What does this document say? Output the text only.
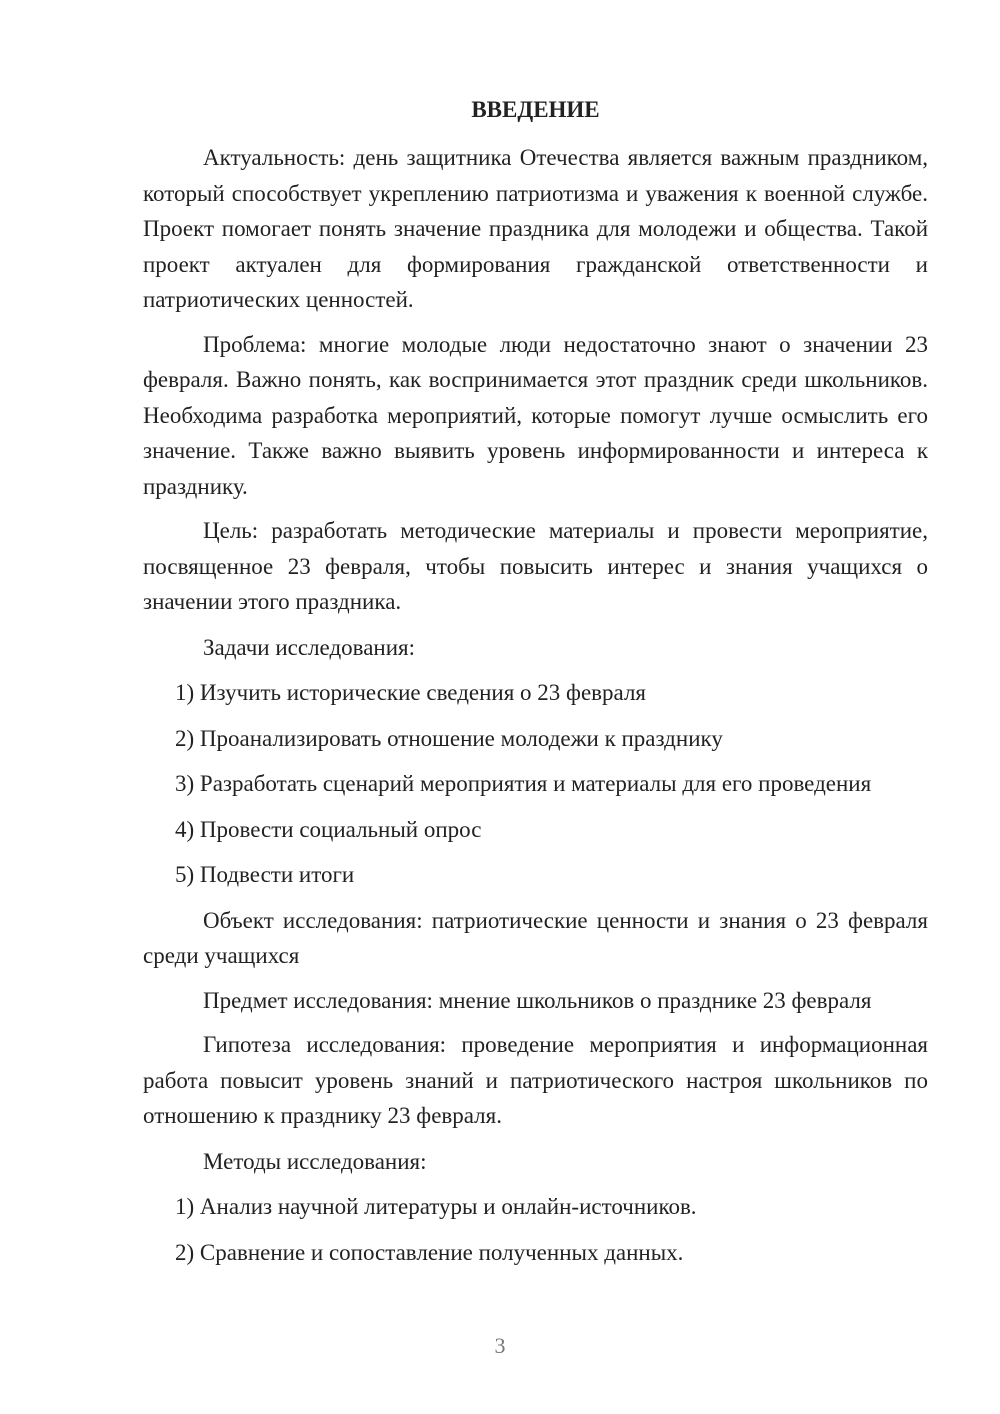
ВВЕДЕНИЕ

Актуальность: день защитника Отечества является важным праздником, который способствует укреплению патриотизма и уважения к военной службе. Проект помогает понять значение праздника для молодежи и общества. Такой проект актуален для формирования гражданской ответственности и патриотических ценностей.

Проблема: многие молодые люди недостаточно знают о значении 23 февраля. Важно понять, как воспринимается этот праздник среди школьников. Необходима разработка мероприятий, которые помогут лучше осмыслить его значение. Также важно выявить уровень информированности и интереса к празднику.

Цель: разработать методические материалы и провести мероприятие, посвященное 23 февраля, чтобы повысить интерес и знания учащихся о значении этого праздника.

Задачи исследования:

1) Изучить исторические сведения о 23 февраля

2) Проанализировать отношение молодежи к празднику

3) Разработать сценарий мероприятия и материалы для его проведения

4) Провести социальный опрос

5) Подвести итоги

Объект исследования: патриотические ценности и знания о 23 февраля среди учащихся

Предмет исследования: мнение школьников о празднике 23 февраля

Гипотеза исследования: проведение мероприятия и информационная работа повысит уровень знаний и патриотического настроя школьников по отношению к празднику 23 февраля.

Методы исследования:

1) Анализ научной литературы и онлайн-источников.

2) Сравнение и сопоставление полученных данных.

3
